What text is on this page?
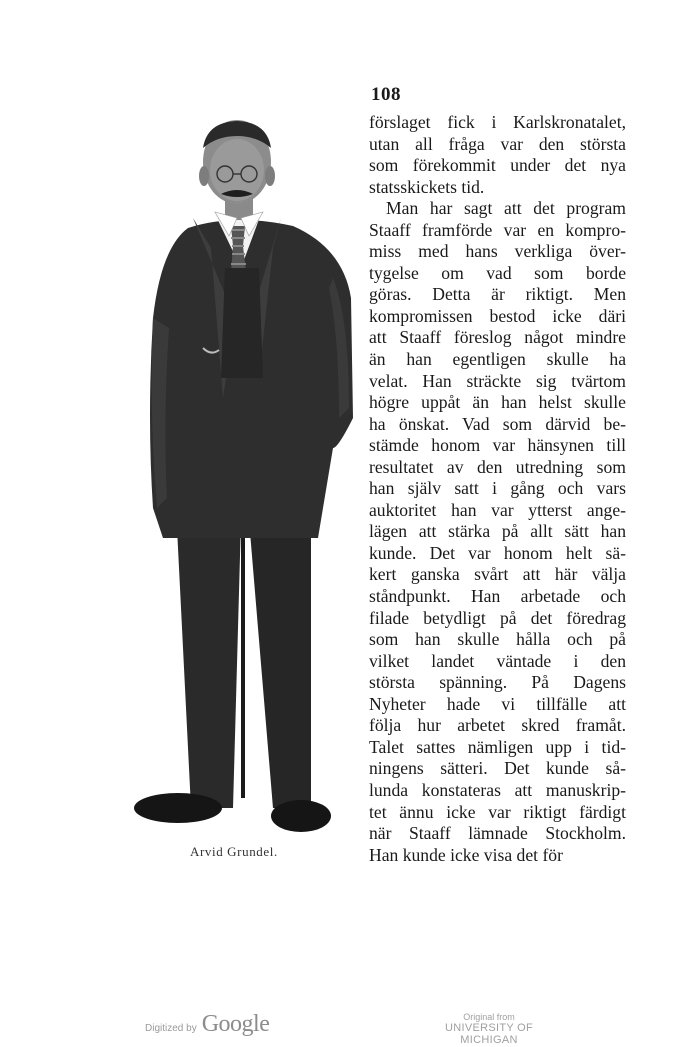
108
Arvid Grundel.
förslaget fick i Karlskronatalet,
utan all fråga var den största
som förekommit under det nya
statsskickets tid.
Man har sagt att det program
Staaff framförde var en kompro-
miss med hans verkliga över-
tygelse om vad som borde
göras. Detta är riktigt. Men
kompromissen bestod icke däri
att Staaff föreslog något mindre
än han egentligen skulle ha
velat. Han sträckte sig tvärtom
högre uppåt än han helst skulle
ha önskat. Vad som därvid be-
stämde honom var hänsynen till
resultatet av den utredning som
han själv satt i gång och vars
auktoritet han var ytterst ange-
lägen att stärka på allt sätt han
kunde. Det var honom helt sä-
kert ganska svårt att här välja
ståndpunkt. Han arbetade och
filade betydligt på det föredrag
som han skulle hålla och på
vilket landet väntade i den
största spänning. På Dagens
Nyheter hade vi tillfälle att
följa hur arbetet skred framåt.
Talet sattes nämligen upp i tid-
ningens sätteri. Det kunde så-
lunda konstateras att manuskrip-
tet ännu icke var riktigt färdigt
när Staaff lämnade Stockholm.
Han kunde icke visa det för
Digitized by Google	Original from
UNIVERSITY OF MICHIGAN
